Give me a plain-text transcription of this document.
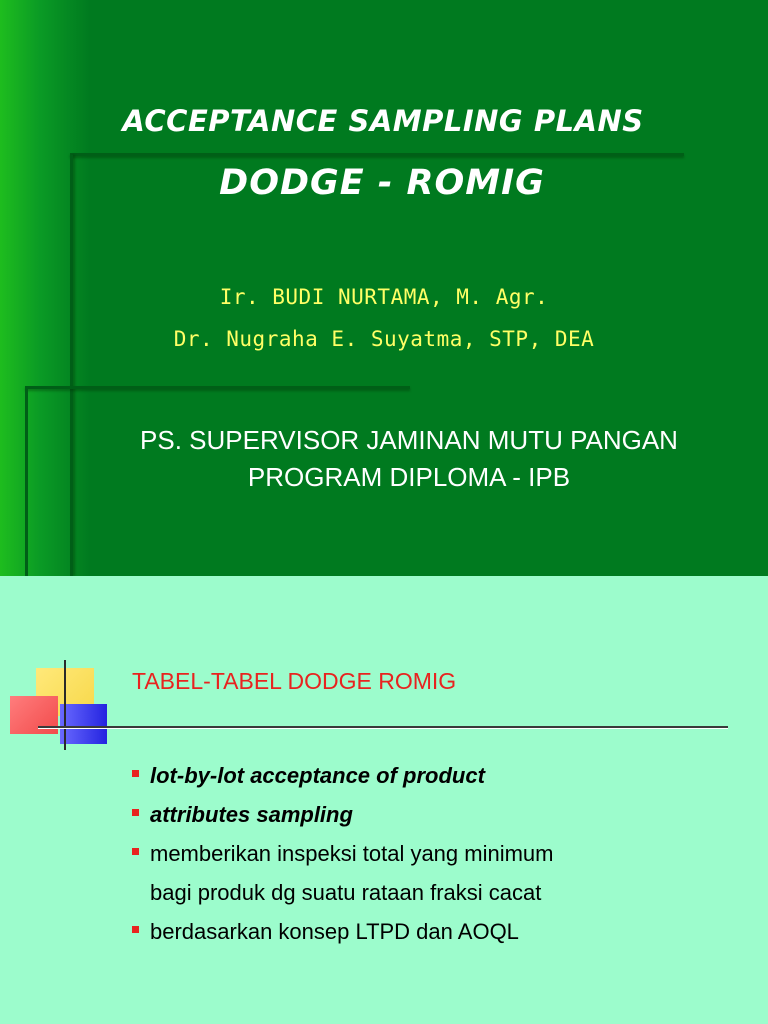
ACCEPTANCE SAMPLING PLANS
DODGE - ROMIG

Ir. BUDI NURTAMA, M. Agr.

Dr. Nugraha E. Suyatma, STP, DEA

PS. SUPERVISOR JAMINAN MUTU PANGAN

PROGRAM DIPLOMA - IPB

TABEL-TABEL DODGE ROMIG
lot-by-lot acceptance of product
attributes sampling
memberikan inspeksi total yang minimum
bagi produk dg suatu rataan fraksi cacat
berdasarkan konsep LTPD dan AOQL
